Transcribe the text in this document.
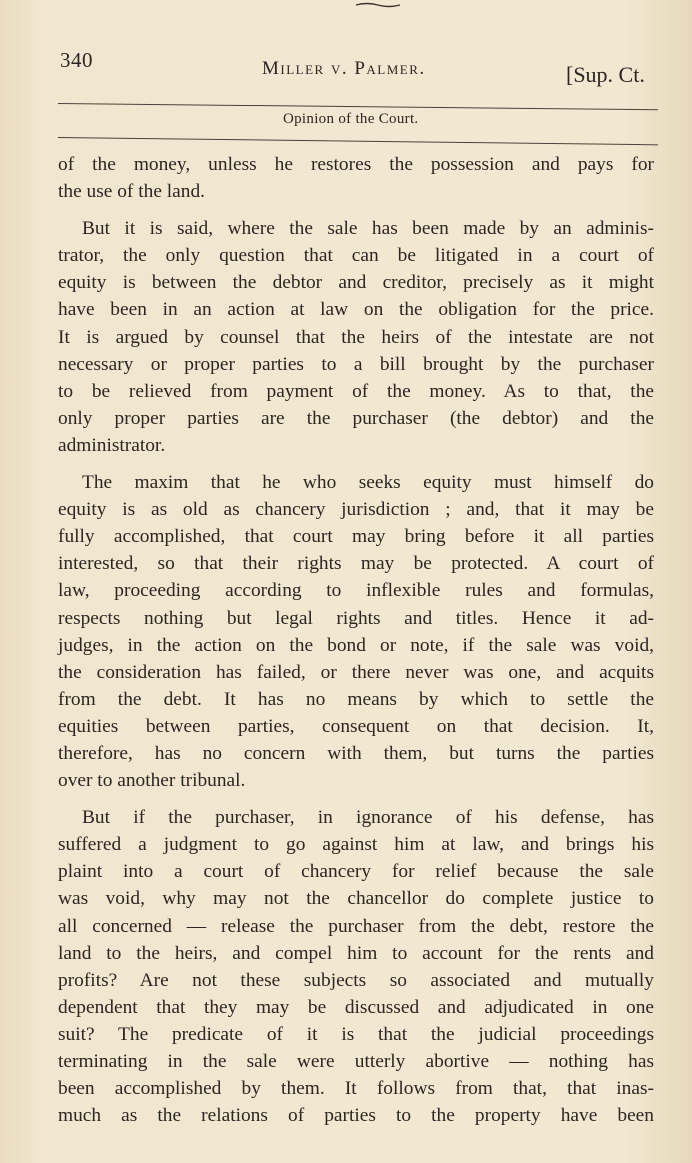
340	Miller v. Palmer.	[Sup. Ct.
Opinion of the Court.
of the money, unless he restores the possession and pays for
the use of the land.
But it is said, where the sale has been made by an adminis-
trator, the only question that can be litigated in a court of
equity is between the debtor and creditor, precisely as it might
have been in an action at law on the obligation for the price.
It is argued by counsel that the heirs of the intestate are not
necessary or proper parties to a bill brought by the purchaser
to be relieved from payment of the money. As to that, the
only proper parties are the purchaser (the debtor) and the
administrator.
The maxim that he who seeks equity must himself do
equity is as old as chancery jurisdiction ; and, that it may be
fully accomplished, that court may bring before it all parties
interested, so that their rights may be protected. A court of
law, proceeding according to inflexible rules and formulas,
respects nothing but legal rights and titles. Hence it ad-
judges, in the action on the bond or note, if the sale was void,
the consideration has failed, or there never was one, and acquits
from the debt. It has no means by which to settle the
equities between parties, consequent on that decision. It,
therefore, has no concern with them, but turns the parties
over to another tribunal.
But if the purchaser, in ignorance of his defense, has
suffered a judgment to go against him at law, and brings his
plaint into a court of chancery for relief because the sale
was void, why may not the chancellor do complete justice to
all concerned — release the purchaser from the debt, restore the
land to the heirs, and compel him to account for the rents and
profits? Are not these subjects so associated and mutually
dependent that they may be discussed and adjudicated in one
suit? The predicate of it is that the judicial proceedings
terminating in the sale were utterly abortive — nothing has
been accomplished by them. It follows from that, that inas-
much as the relations of parties to the property have been
